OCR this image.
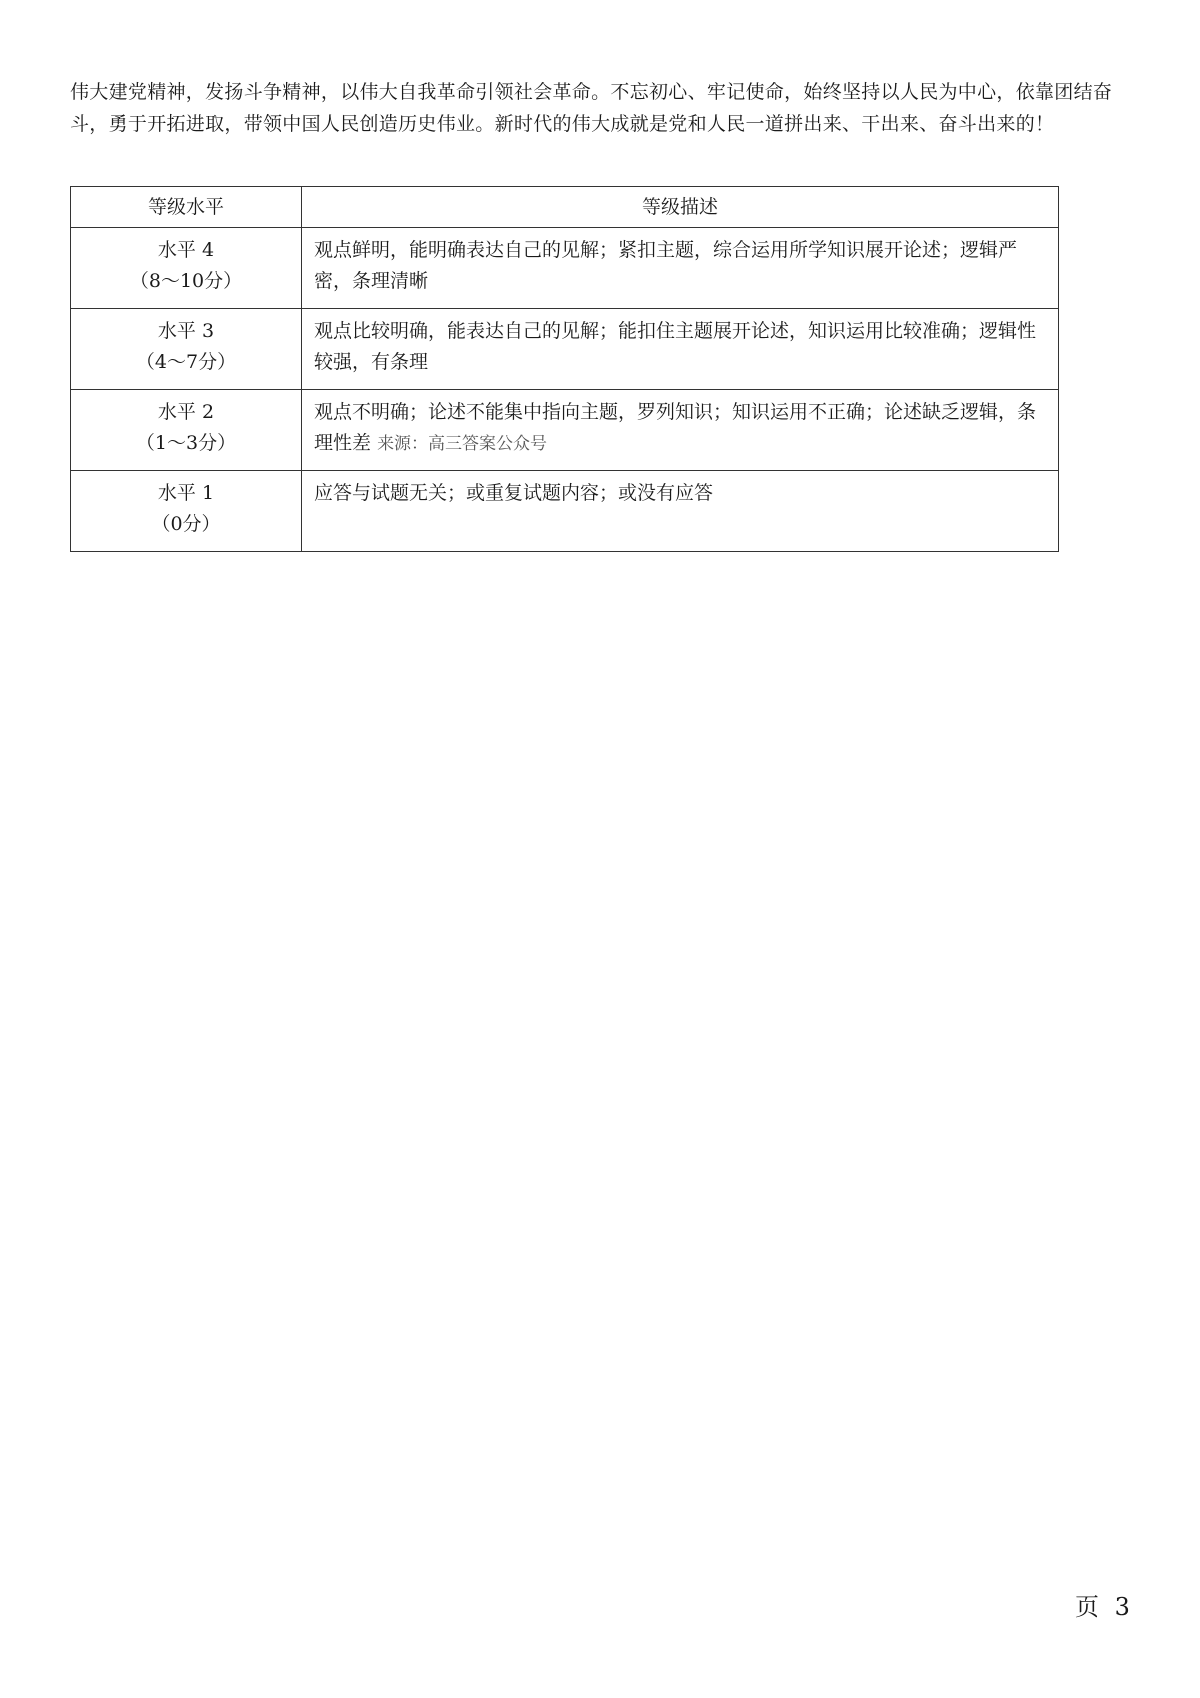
伟大建党精神，发扬斗争精神，以伟大自我革命引领社会革命。不忘初心、牢记使命，始终坚持以人民为中心，依靠团结奋斗，勇于开拓进取，带领中国人民创造历史伟业。新时代的伟大成就是党和人民一道拼出来、干出来、奋斗出来的！

等级水平	等级描述

水平 4
（8～10分）	观点鲜明，能明确表达自己的见解；紧扣主题，综合运用所学知识展开论述；逻辑严密，条理清晰

水平 3
（4～7分）	观点比较明确，能表达自己的见解；能扣住主题展开论述，知识运用比较准确；逻辑性较强，有条理

水平 2
（1～3分）	观点不明确；论述不能集中指向主题，罗列知识；知识运用不正确；论述缺乏逻辑，条理性差 来源：高三答案公众号

水平 1
（0分）	应答与试题无关；或重复试题内容；或没有应答

页 3
